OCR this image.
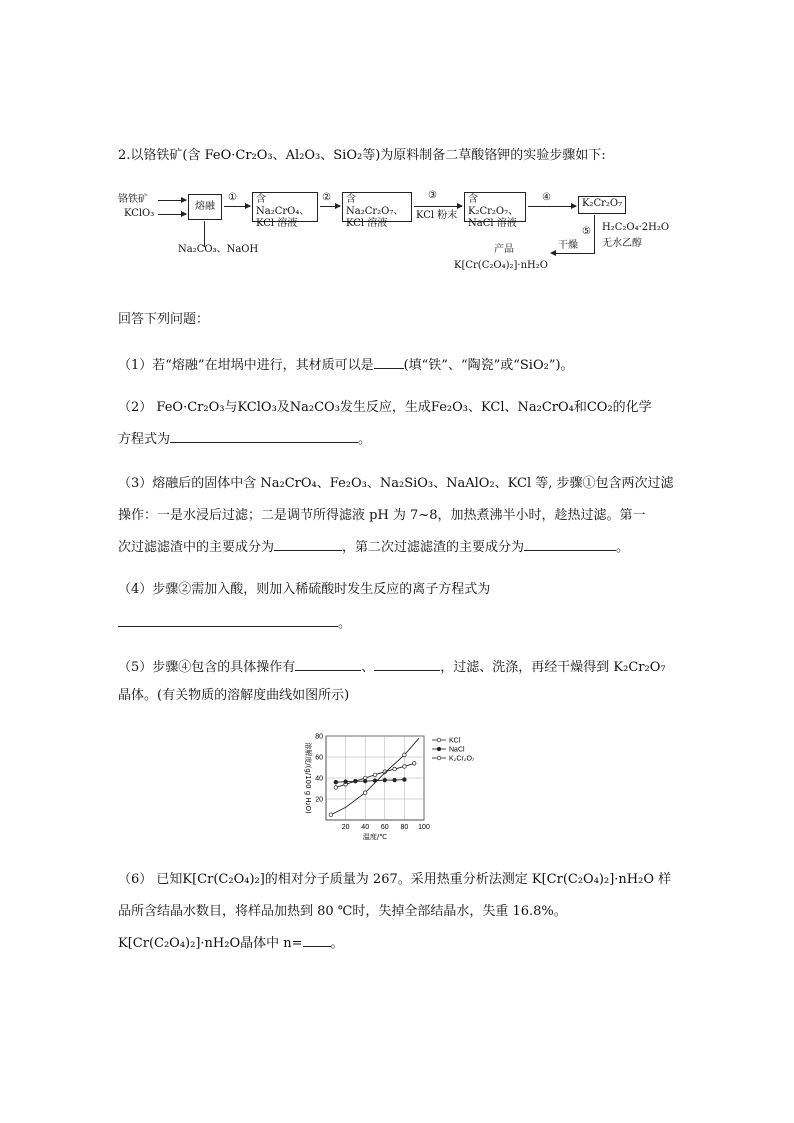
2.以铬铁矿(含 FeO·Cr₂O₃、Al₂O₃、SiO₂等)为原料制备二草酸铬钾的实验步骤如下:
铬铁矿
KClO₃
熔融
Na₂CO₃、NaOH
① 含 Na₂CrO₄、
KCl 溶液
② 含 Na₂Cr₂O₇、
KCl 溶液
③
KCl 粉末
含 K₂Cr₂O₇、
NaCl 溶液
④
K₂Cr₂O₇
⑤ H₂C₂O₄·2H₂O
无水乙醇
干燥
产品
K[Cr(C₂O₄)₂]·nH₂O
回答下列问题：
（1）若“熔融”在坩埚中进行，其材质可以是 (填“铁”、“陶瓷”或“SiO₂”)。
（2） FeO·Cr₂O₃与KClO₃及Na₂CO₃发生反应，生成Fe₂O₃、KCl、Na₂CrO₄和CO₂的化学
方程式为	。
（3）熔融后的固体中含 Na₂CrO₄、Fe₂O₃、Na₂SiO₃、NaAlO₂、KCl 等, 步骤①包含两次过滤
操作：一是水浸后过滤；二是调节所得滤液 pH 为 7~8，加热煮沸半小时，趁热过滤。第一
次过滤滤渣中的主要成分为	，第二次过滤滤渣的主要成分为	。
（4）步骤②需加入酸，则加入稀硫酸时发生反应的离子方程式为
。
（5）步骤④包含的具体操作有	、	，过滤、洗涤，再经干燥得到 K₂Cr₂O₇
晶体。(有关物质的溶解度曲线如图所示)
20 40 60 80 100
20
40
60
80
温度/℃
溶解度/(g/100 g H₂O)
KCl
NaCl
K₂Cr₂O₇
（6） 已知K[Cr(C₂O₄)₂]的相对分子质量为 267。采用热重分析法测定 K[Cr(C₂O₄)₂]·nH₂O 样
品所含结晶水数目，将样品加热到 80 ℃时，失掉全部结晶水，失重 16.8%。
K[Cr(C₂O₄)₂]·nH₂O晶体中 n= 。
